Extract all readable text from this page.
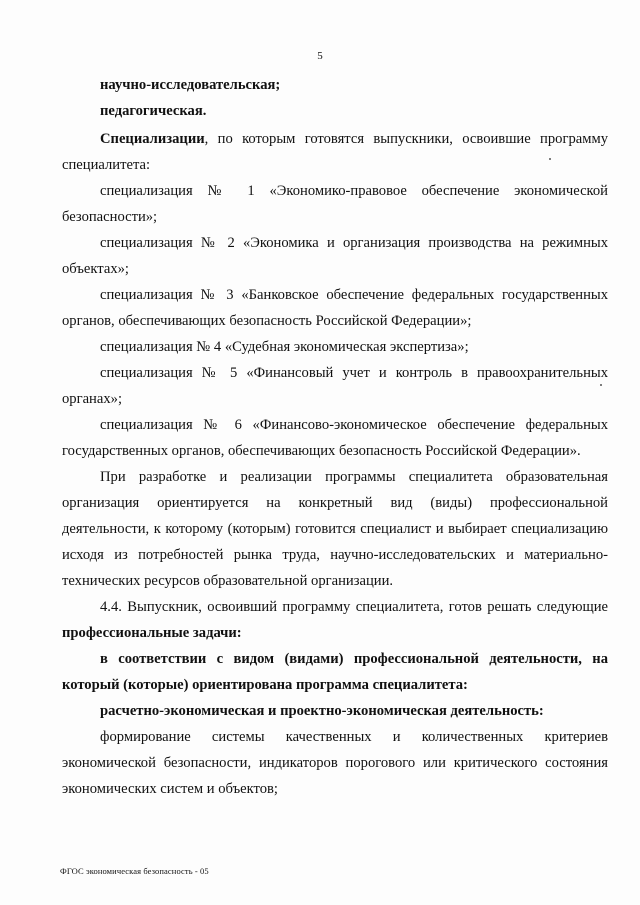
5

научно-исследовательская;

педагогическая.

Специализации, по которым готовятся выпускники, освоившие программу специалитета:

специализация № 1 «Экономико-правовое обеспечение экономической безопасности»;

специализация № 2 «Экономика и организация производства на режимных объектах»;

специализация № 3 «Банковское обеспечение федеральных государственных органов, обеспечивающих безопасность Российской Федерации»;

специализация № 4 «Судебная экономическая экспертиза»;

специализация № 5 «Финансовый учет и контроль в правоохранительных органах»;

специализация № 6 «Финансово-экономическое обеспечение федеральных государственных органов, обеспечивающих безопасность Российской Федерации».

При разработке и реализации программы специалитета образовательная организация ориентируется на конкретный вид (виды) профессиональной деятельности, к которому (которым) готовится специалист и выбирает специализацию исходя из потребностей рынка труда, научно-исследовательских и материально-технических ресурсов образовательной организации.

4.4. Выпускник, освоивший программу специалитета, готов решать следующие профессиональные задачи:

в соответствии с видом (видами) профессиональной деятельности, на который (которые) ориентирована программа специалитета:

расчетно-экономическая и проектно-экономическая деятельность:

формирование системы качественных и количественных критериев экономической безопасности, индикаторов порогового или критического состояния экономических систем и объектов;

ФГОС экономическая безопасность - 05
